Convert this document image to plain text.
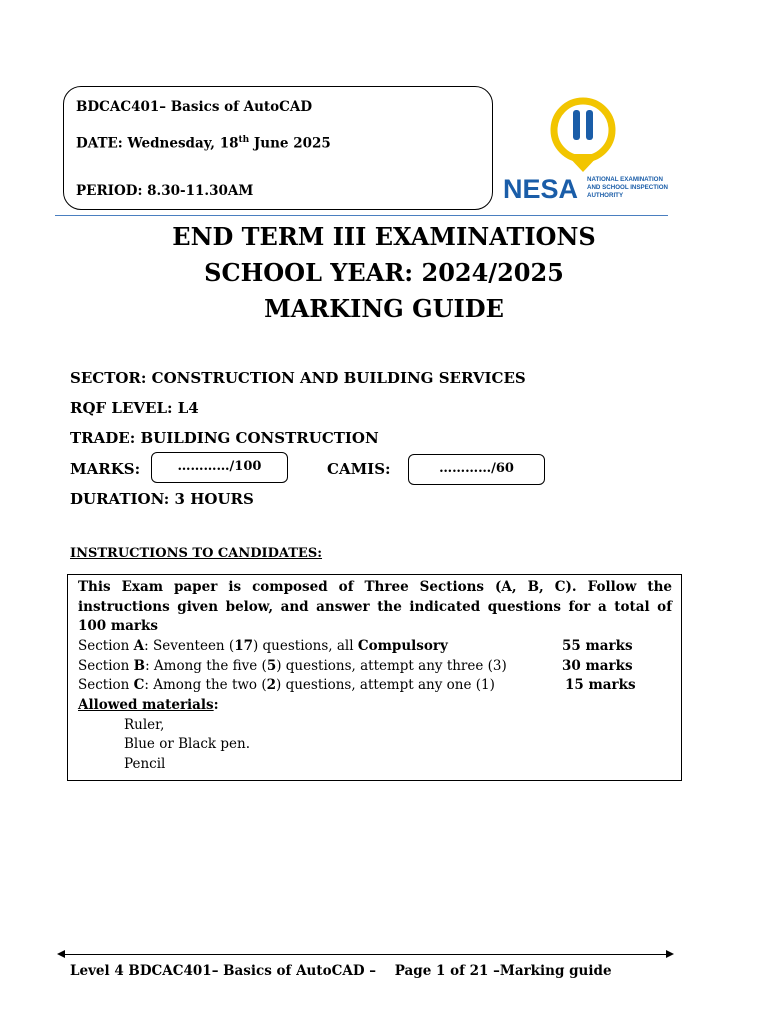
BDCAC401– Basics of AutoCAD
DATE: Wednesday, 18th June 2025
PERIOD: 8.30-11.30AM	NESA NATIONAL EXAMINATION
AND SCHOOL INSPECTION
AUTHORITY
END TERM III EXAMINATIONS
SCHOOL YEAR: 2024/2025
MARKING GUIDE
SECTOR: CONSTRUCTION AND BUILDING SERVICES
RQF LEVEL: L4
TRADE: BUILDING CONSTRUCTION
MARKS:	…………/100	CAMIS:	…………/60
DURATION: 3 HOURS
INSTRUCTIONS TO CANDIDATES:
This Exam paper is composed of Three Sections (A, B, C). Follow the instructions given below, and answer the indicated questions for a total of 100 marks
Section A: Seventeen (17) questions, all Compulsory	55 marks
Section B: Among the five (5) questions, attempt any three (3)	30 marks
Section C: Among the two (2) questions, attempt any one (1)	15 marks
Allowed materials:
Ruler,
Blue or Black pen.
Pencil
Level 4 BDCAC401– Basics of AutoCAD –    Page 1 of 21 –Marking guide
